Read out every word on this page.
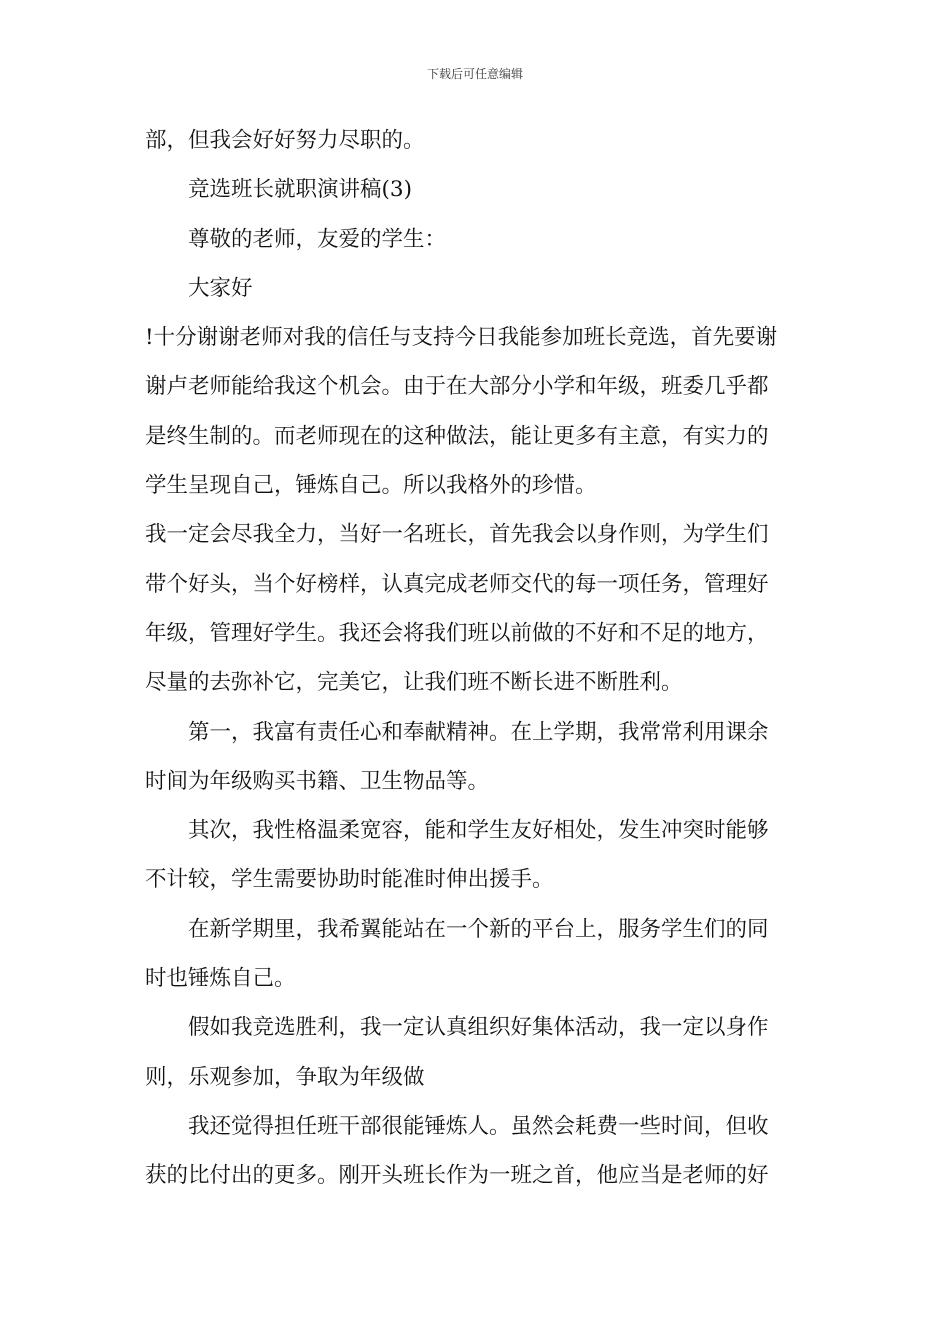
下载后可任意编辑
部，但我会好好努力尽职的。
竞选班长就职演讲稿(3)
尊敬的老师，友爱的学生：
大家好
!十分谢谢老师对我的信任与支持今日我能参加班长竞选，首先要谢
谢卢老师能给我这个机会。由于在大部分小学和年级，班委几乎都
是终生制的。而老师现在的这种做法，能让更多有主意，有实力的
学生呈现自己，锤炼自己。所以我格外的珍惜。
我一定会尽我全力，当好一名班长，首先我会以身作则，为学生们
带个好头，当个好榜样，认真完成老师交代的每一项任务，管理好
年级，管理好学生。我还会将我们班以前做的不好和不足的地方，
尽量的去弥补它，完美它，让我们班不断长进不断胜利。
第一，我富有责任心和奉献精神。在上学期，我常常利用课余
时间为年级购买书籍、卫生物品等。
其次，我性格温柔宽容，能和学生友好相处，发生冲突时能够
不计较，学生需要协助时能准时伸出援手。
在新学期里，我希翼能站在一个新的平台上，服务学生们的同
时也锤炼自己。
假如我竞选胜利，我一定认真组织好集体活动，我一定以身作
则，乐观参加，争取为年级做
我还觉得担任班干部很能锤炼人。虽然会耗费一些时间，但收
获的比付出的更多。刚开头班长作为一班之首，他应当是老师的好
